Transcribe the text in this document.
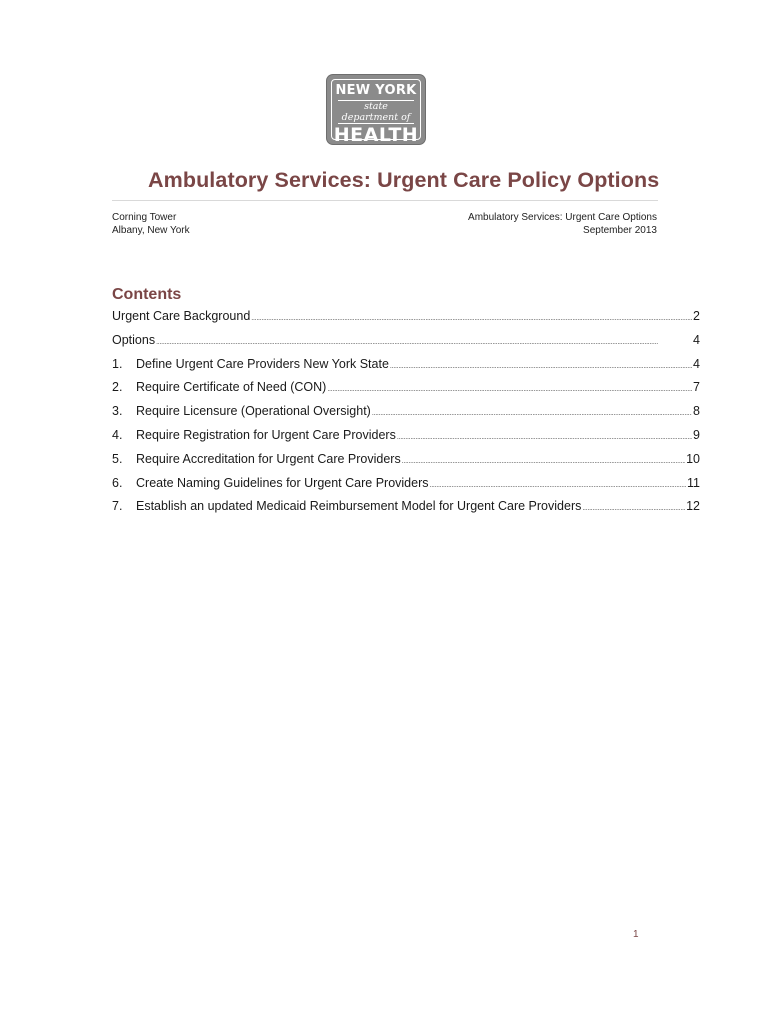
NEW YORK
state department of
HEALTH
Ambulatory Services: Urgent Care Policy Options
Corning Tower
Albany, New York
Ambulatory Services: Urgent Care Options
September 2013
Contents
Urgent Care Background . . .	2
Options . . .	4
1.	Define Urgent Care Providers New York State . . .	4
2.	Require Certificate of Need (CON) . . .	7
3.	Require Licensure (Operational Oversight) . . .	8
4.	Require Registration for Urgent Care Providers . . .	9
5.	Require Accreditation for Urgent Care Providers . . .	10
6.	Create Naming Guidelines for Urgent Care Providers . . .	11
7.	Establish an updated Medicaid Reimbursement Model for Urgent Care Providers . . .	12
1
